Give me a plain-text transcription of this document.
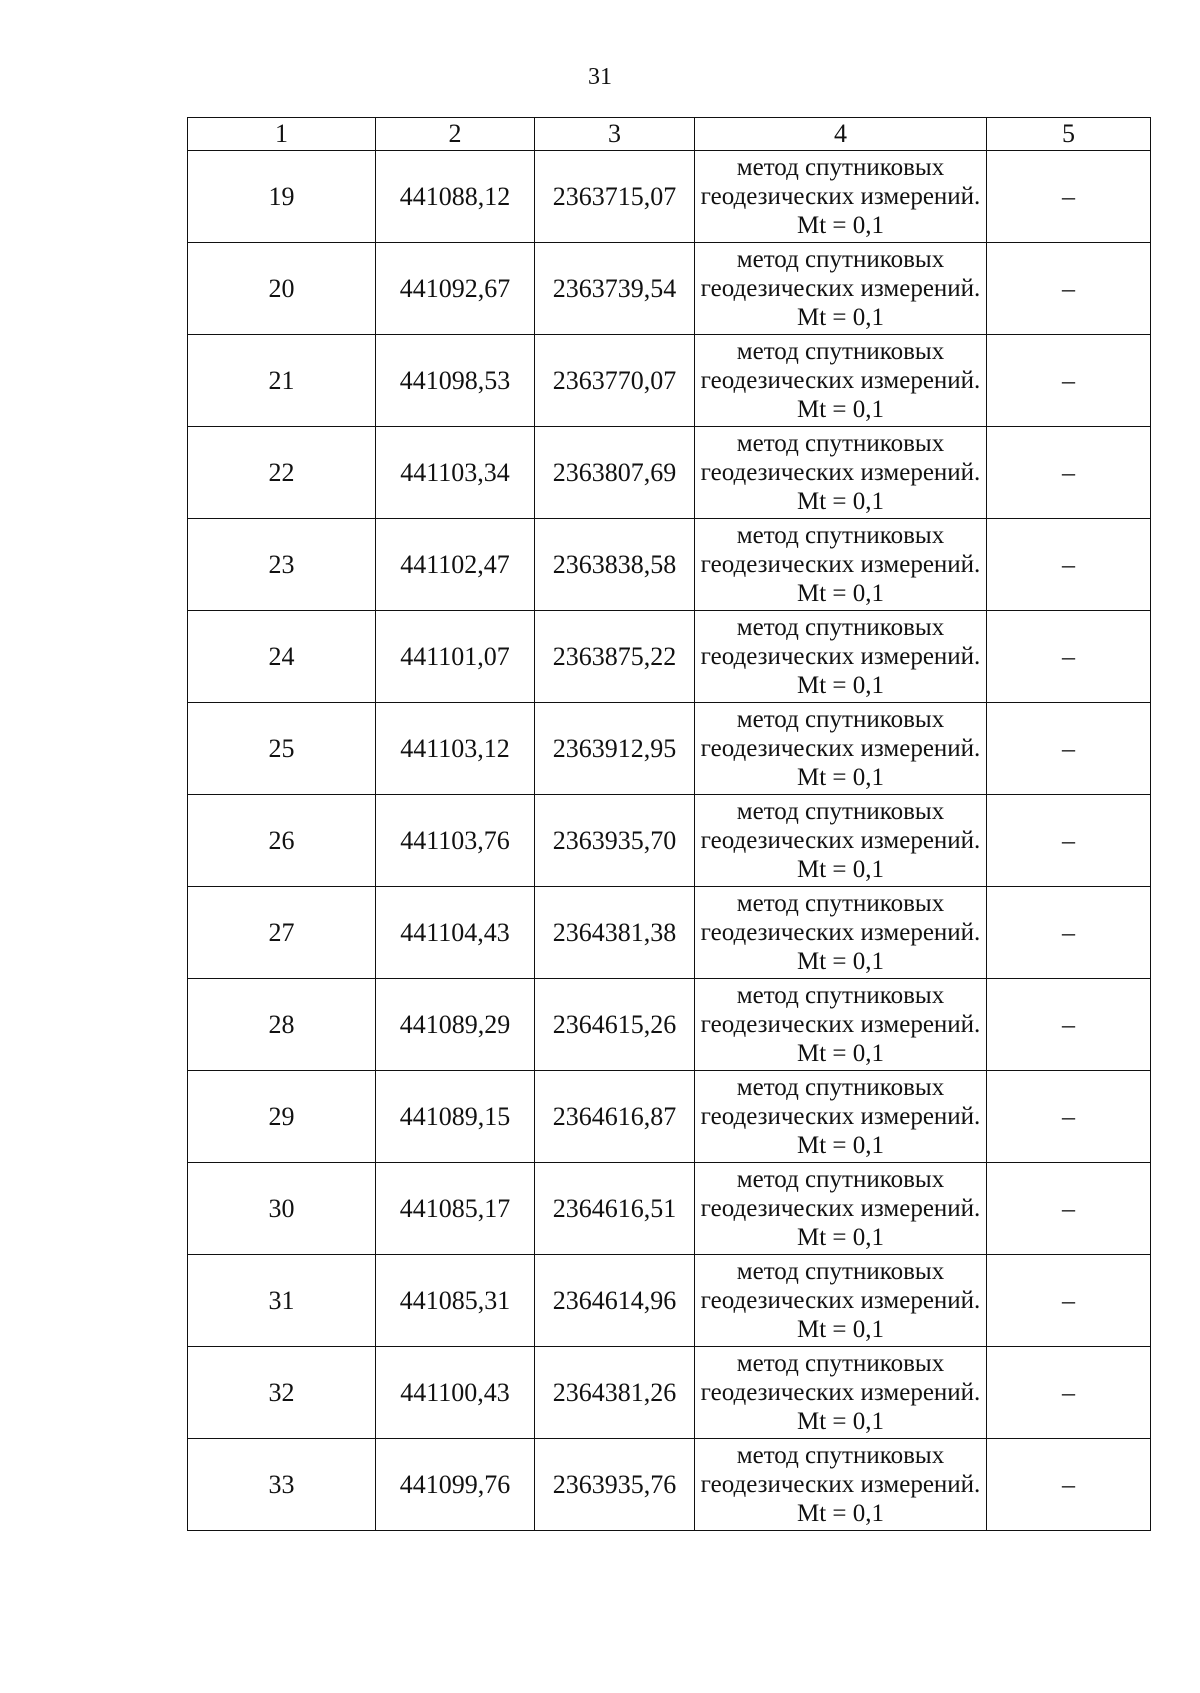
31
1	2	3	4	5
19	441088,12	2363715,07	метод спутниковых геодезических измерений. Mt = 0,1	–
20	441092,67	2363739,54	метод спутниковых геодезических измерений. Mt = 0,1	–
21	441098,53	2363770,07	метод спутниковых геодезических измерений. Mt = 0,1	–
22	441103,34	2363807,69	метод спутниковых геодезических измерений. Mt = 0,1	–
23	441102,47	2363838,58	метод спутниковых геодезических измерений. Mt = 0,1	–
24	441101,07	2363875,22	метод спутниковых геодезических измерений. Mt = 0,1	–
25	441103,12	2363912,95	метод спутниковых геодезических измерений. Mt = 0,1	–
26	441103,76	2363935,70	метод спутниковых геодезических измерений. Mt = 0,1	–
27	441104,43	2364381,38	метод спутниковых геодезических измерений. Mt = 0,1	–
28	441089,29	2364615,26	метод спутниковых геодезических измерений. Mt = 0,1	–
29	441089,15	2364616,87	метод спутниковых геодезических измерений. Mt = 0,1	–
30	441085,17	2364616,51	метод спутниковых геодезических измерений. Mt = 0,1	–
31	441085,31	2364614,96	метод спутниковых геодезических измерений. Mt = 0,1	–
32	441100,43	2364381,26	метод спутниковых геодезических измерений. Mt = 0,1	–
33	441099,76	2363935,76	метод спутниковых геодезических измерений. Mt = 0,1	–
